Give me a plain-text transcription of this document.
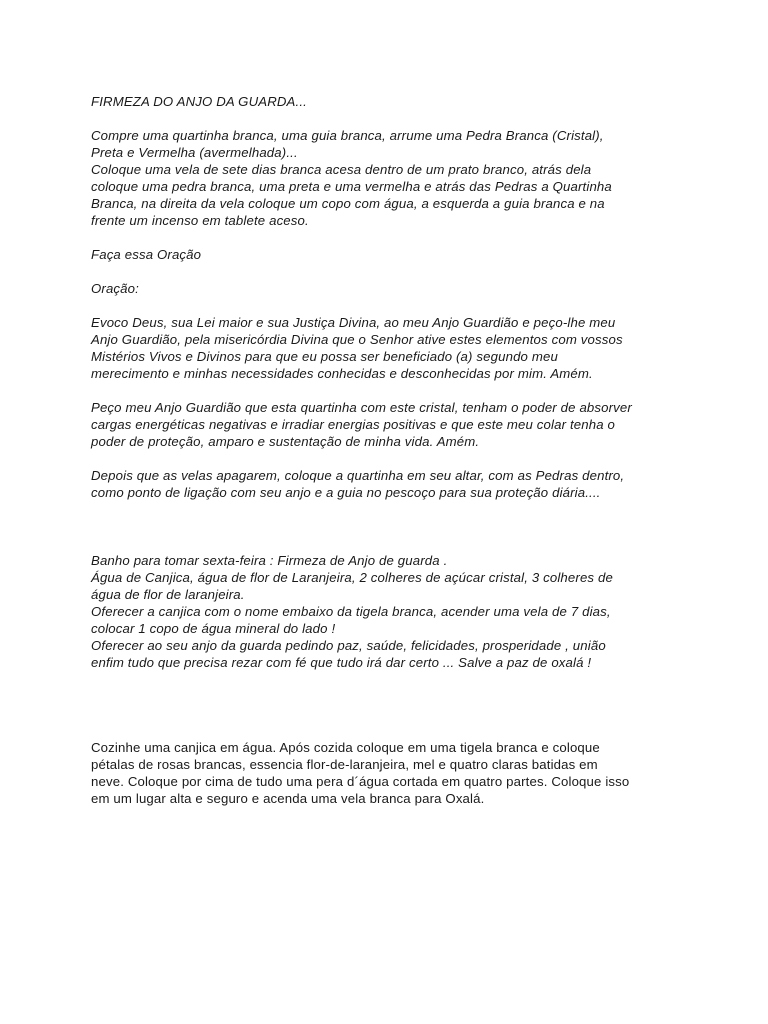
FIRMEZA DO ANJO DA GUARDA...
Compre uma quartinha branca, uma guia branca, arrume uma Pedra Branca (Cristal),
Preta e Vermelha (avermelhada)...
Coloque uma vela de sete dias branca acesa dentro de um prato branco, atrás dela
coloque uma pedra branca, uma preta e uma vermelha e atrás das Pedras a Quartinha
Branca, na direita da vela coloque um copo com água, a esquerda a guia branca e na
frente um incenso em tablete aceso.
Faça essa Oração
Oração:
Evoco Deus, sua Lei maior e sua Justiça Divina, ao meu Anjo Guardião e peço-lhe meu
Anjo Guardião, pela misericórdia Divina que o Senhor ative estes elementos com vossos
Mistérios Vivos e Divinos para que eu possa ser beneficiado (a) segundo meu
merecimento e minhas necessidades conhecidas e desconhecidas por mim. Amém.
Peço meu Anjo Guardião que esta quartinha com este cristal, tenham o poder de absorver
cargas energéticas negativas e irradiar energias positivas e que este meu colar tenha o
poder de proteção, amparo e sustentação de minha vida. Amém.
Depois que as velas apagarem, coloque a quartinha em seu altar, com as Pedras dentro,
como ponto de ligação com seu anjo e a guia no pescoço para sua proteção diária....
Banho para tomar sexta-feira : Firmeza de Anjo de guarda .
Água de Canjica, água de flor de Laranjeira, 2 colheres de açúcar cristal, 3 colheres de
água de flor de laranjeira.
Oferecer a canjica com o nome embaixo da tigela branca, acender uma vela de 7 dias,
colocar 1 copo de água mineral do lado !
Oferecer ao seu anjo da guarda pedindo paz, saúde, felicidades, prosperidade , união
enfim tudo que precisa rezar com fé que tudo irá dar certo ... Salve a paz de oxalá !
Cozinhe uma canjica em água. Após cozida coloque em uma tigela branca e coloque
pétalas de rosas brancas, essencia flor-de-laranjeira, mel e quatro claras batidas em
neve. Coloque por cima de tudo uma pera d´água cortada em quatro partes. Coloque isso
em um lugar alta e seguro e acenda uma vela branca para Oxalá.
